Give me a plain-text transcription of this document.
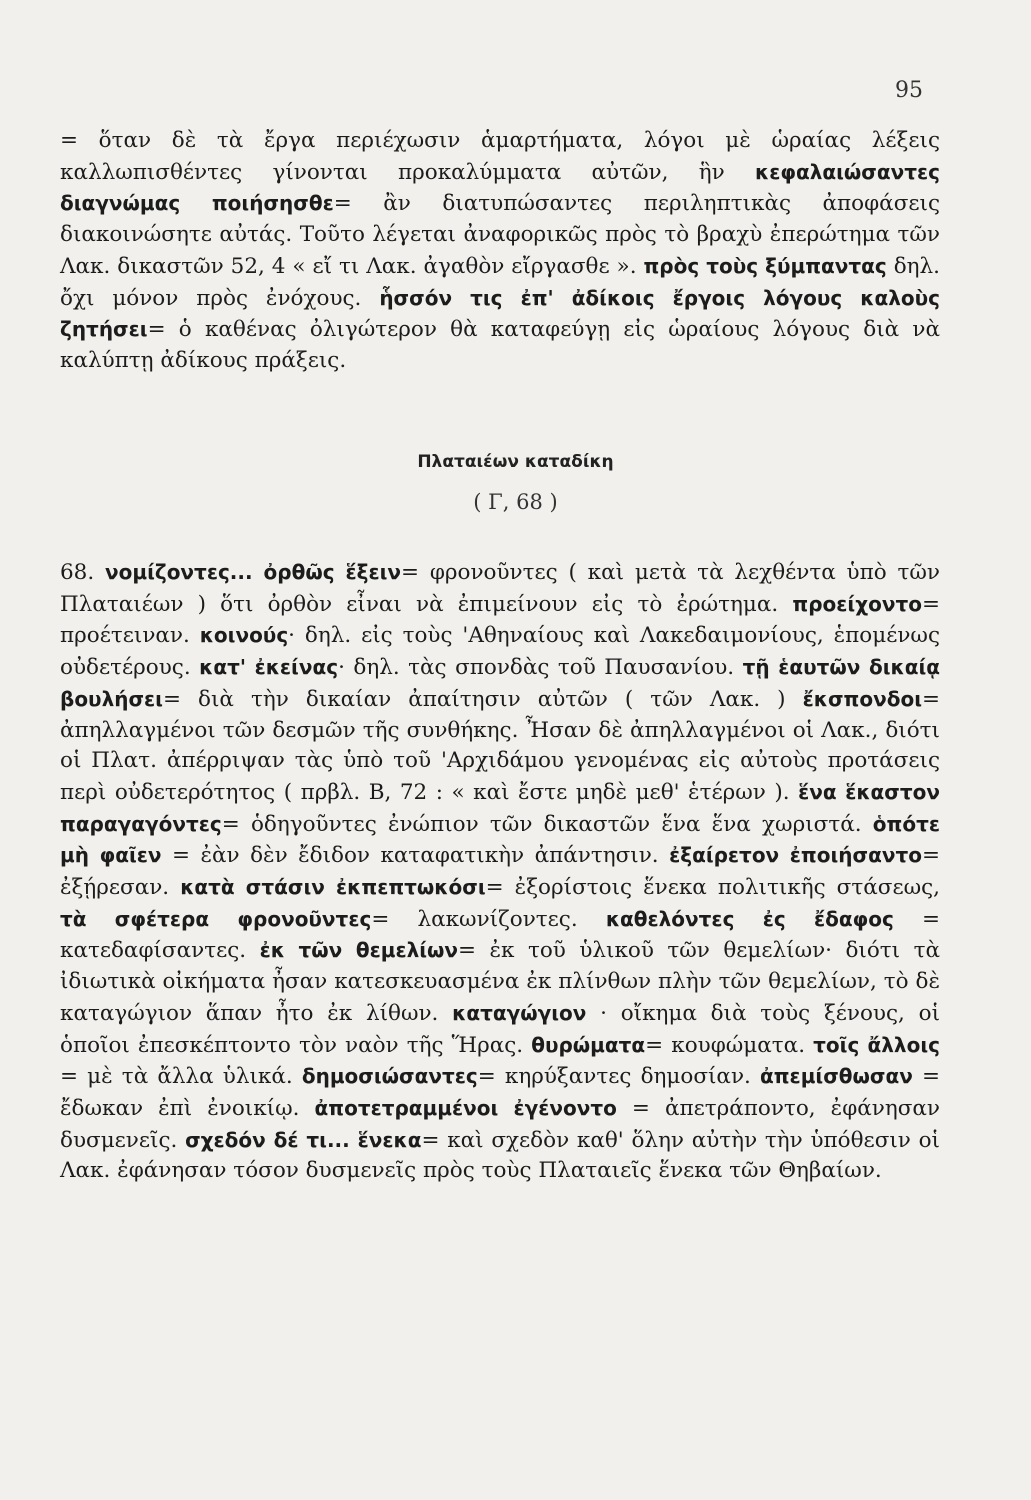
95
= ὅταν δὲ τὰ ἔργα περιέχωσιν ἁμαρτήματα, λόγοι μὲ ὡραίας λέξεις καλλωπισθέντες γίνονται προκαλύμματα αὐτῶν, ἣν κεφαλαιώσαντες διαγνώμας ποιήσησθε= ἂν διατυπώσαντες περιληπτικὰς ἀποφάσεις διακοινώσητε αὐτάς. Τοῦτο λέγεται ἀναφορικῶς πρὸς τὸ βραχὺ ἐπερώτημα τῶν Λακ. δικαστῶν 52, 4 « εἴ τι Λακ. ἀγαθὸν εἴργασθε ». πρὸς τοὺς ξύμπαντας δηλ. ὄχι μόνον πρὸς ἐνόχους. ἧσσόν τις ἐπ' ἀδίκοις ἔργοις λόγους καλοὺς ζητήσει= ὁ καθένας ὀλιγώτερον θὰ καταφεύγῃ εἰς ὡραίους λόγους διὰ νὰ καλύπτῃ ἀδίκους πράξεις.
Πλαταιέων καταδίκη
( Γ, 68 )
68. νομίζοντες... ὀρθῶς ἕξειν= φρονοῦντες ( καὶ μετὰ τὰ λεχθέντα ὑπὸ τῶν Πλαταιέων ) ὅτι ὀρθὸν εἶναι νὰ ἐπιμείνουν εἰς τὸ ἐρώτημα. προείχοντο= προέτειναν. κοινούς· δηλ. εἰς τοὺς 'Αθηναίους καὶ Λακεδαιμονίους, ἑπομένως οὐδετέρους. κατ' ἐκείνας· δηλ. τὰς σπονδὰς τοῦ Παυσανίου. τῇ ἑαυτῶν δικαίᾳ βουλήσει= διὰ τὴν δικαίαν ἀπαίτησιν αὐτῶν ( τῶν Λακ. ) ἔκσπονδοι= ἀπηλλαγμένοι τῶν δεσμῶν τῆς συνθήκης. Ἦσαν δὲ ἀπηλλαγμένοι οἱ Λακ., διότι οἱ Πλατ. ἀπέρριψαν τὰς ὑπὸ τοῦ 'Αρχιδάμου γενομένας εἰς αὐτοὺς προτάσεις περὶ οὐδετερότητος ( πρβλ. Β, 72 : « καὶ ἔστε μηδὲ μεθ' ἑτέρων ). ἕνα ἕκαστον παραγαγόντες= ὁδηγοῦντες ἐνώπιον τῶν δικαστῶν ἕνα ἕνα χωριστά. ὁπότε μὴ φαῖεν = ἐὰν δὲν ἔδιδον καταφατικὴν ἀπάντησιν. ἐξαίρετον ἐποιήσαντο= ἐξῄρεσαν. κατὰ στάσιν ἐκπεπτωκόσι= ἐξορίστοις ἕνεκα πολιτικῆς στάσεως, τὰ σφέτερα φρονοῦντες= λακωνίζοντες. καθελόντες ἐς ἔδαφος = κατεδαφίσαντες. ἐκ τῶν θεμελίων= ἐκ τοῦ ὑλικοῦ τῶν θεμελίων· διότι τὰ ἰδιωτικὰ οἰκήματα ἦσαν κατεσκευασμένα ἐκ πλίνθων πλὴν τῶν θεμελίων, τὸ δὲ καταγώγιον ἅπαν ἦτο ἐκ λίθων. καταγώγιον · οἴκημα διὰ τοὺς ξένους, οἱ ὁποῖοι ἐπεσκέπτοντο τὸν ναὸν τῆς Ἥρας. θυρώματα= κουφώματα. τοῖς ἄλλοις = μὲ τὰ ἄλλα ὑλικά. δημοσιώσαντες= κηρύξαντες δημοσίαν. ἀπεμίσθωσαν = ἔδωκαν ἐπὶ ἐνοικίῳ. ἀποτετραμμένοι ἐγένοντο = ἀπετράποντο, ἐφάνησαν δυσμενεῖς. σχεδόν δέ τι... ἕνεκα= καὶ σχεδὸν καθ' ὅλην αὐτὴν τὴν ὑπόθεσιν οἱ Λακ. ἐφάνησαν τόσον δυσμενεῖς πρὸς τοὺς Πλαταιεῖς ἕνεκα τῶν Θηβαίων.
